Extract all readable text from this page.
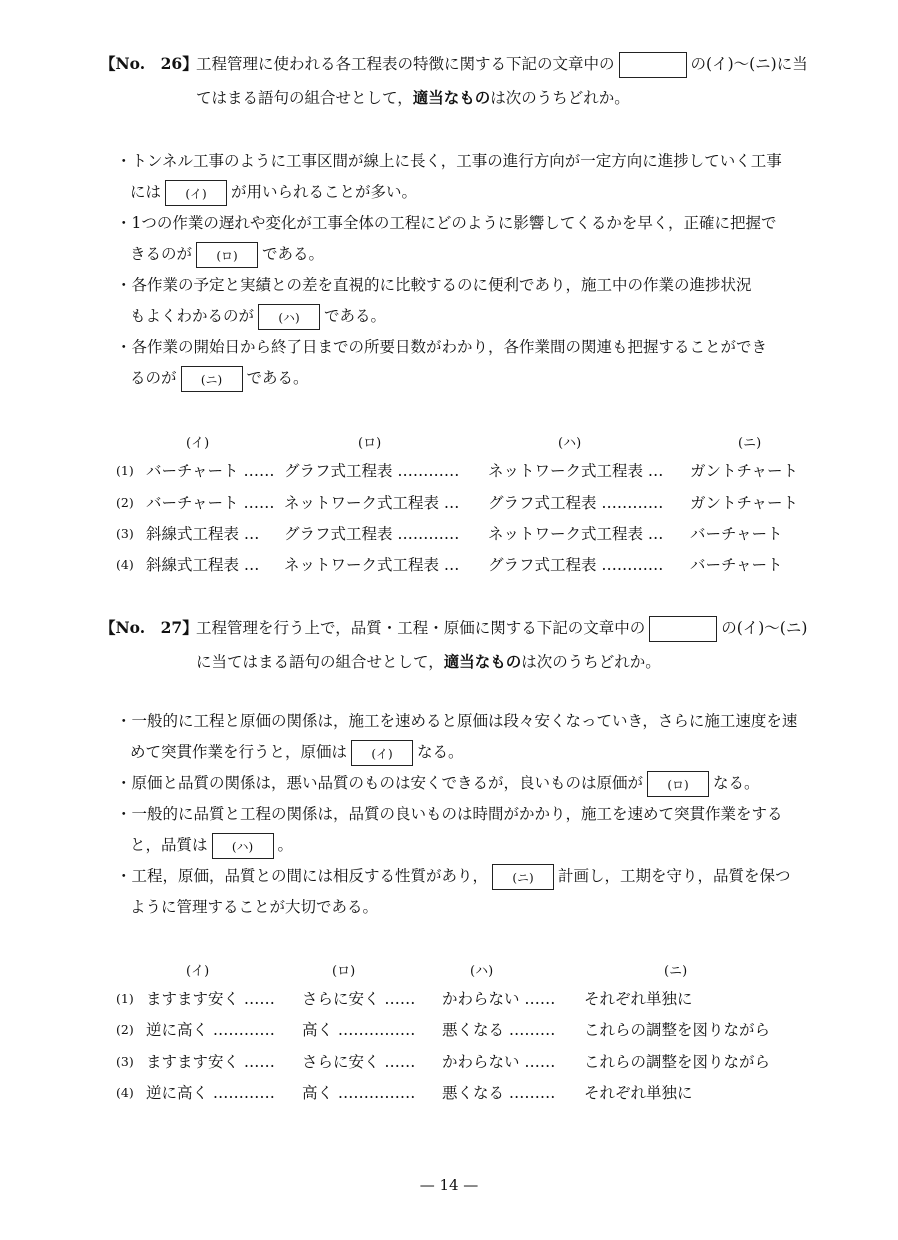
【No.　26】
工程管理に使われる各工程表の特徴に関する下記の文章中の	の(イ)～(ニ)に当
てはまる語句の組合せとして，適当なものは次のうちどれか。
・トンネル工事のように工事区間が線上に長く，工事の進行方向が一定方向に進捗していく工事
には (イ) が用いられることが多い。
・1つの作業の遅れや変化が工事全体の工程にどのように影響してくるかを早く，正確に把握で
きるのが (ロ) である。
・各作業の予定と実績との差を直視的に比較するのに便利であり，施工中の作業の進捗状況
もよくわかるのが (ハ) である。
・各作業の開始日から終了日までの所要日数がわかり，各作業間の関連も把握することができ
るのが (ニ) である。
(イ)	(ロ)	(ハ)	(ニ)
(1) バーチャート …… グラフ式工程表 ………… ネットワーク式工程表 … ガントチャート
(2) バーチャート …… ネットワーク式工程表 … グラフ式工程表 ………… ガントチャート
(3) 斜線式工程表 … グラフ式工程表 ………… ネットワーク式工程表 … バーチャート
(4) 斜線式工程表 … ネットワーク式工程表 … グラフ式工程表 ………… バーチャート
【No.　27】
工程管理を行う上で，品質・工程・原価に関する下記の文章中の	の(イ)～(ニ)
に当てはまる語句の組合せとして，適当なものは次のうちどれか。
・一般的に工程と原価の関係は，施工を速めると原価は段々安くなっていき，さらに施工速度を速
めて突貫作業を行うと，原価は (イ) なる。
・原価と品質の関係は，悪い品質のものは安くできるが，良いものは原価が (ロ) なる。
・一般的に品質と工程の関係は，品質の良いものは時間がかかり，施工を速めて突貫作業をする
と，品質は (ハ) 。
・工程，原価，品質との間には相反する性質があり， (ニ) 計画し，工期を守り，品質を保つ
ように管理することが大切である。
(イ)	(ロ)	(ハ)	(ニ)
(1) ますます安く …… さらに安く …… かわらない …… それぞれ単独に
(2) 逆に高く ………… 高く …………… 悪くなる ……… これらの調整を図りながら
(3) ますます安く …… さらに安く …… かわらない …… これらの調整を図りながら
(4) 逆に高く ………… 高く …………… 悪くなる ……… それぞれ単独に
— 14 —
